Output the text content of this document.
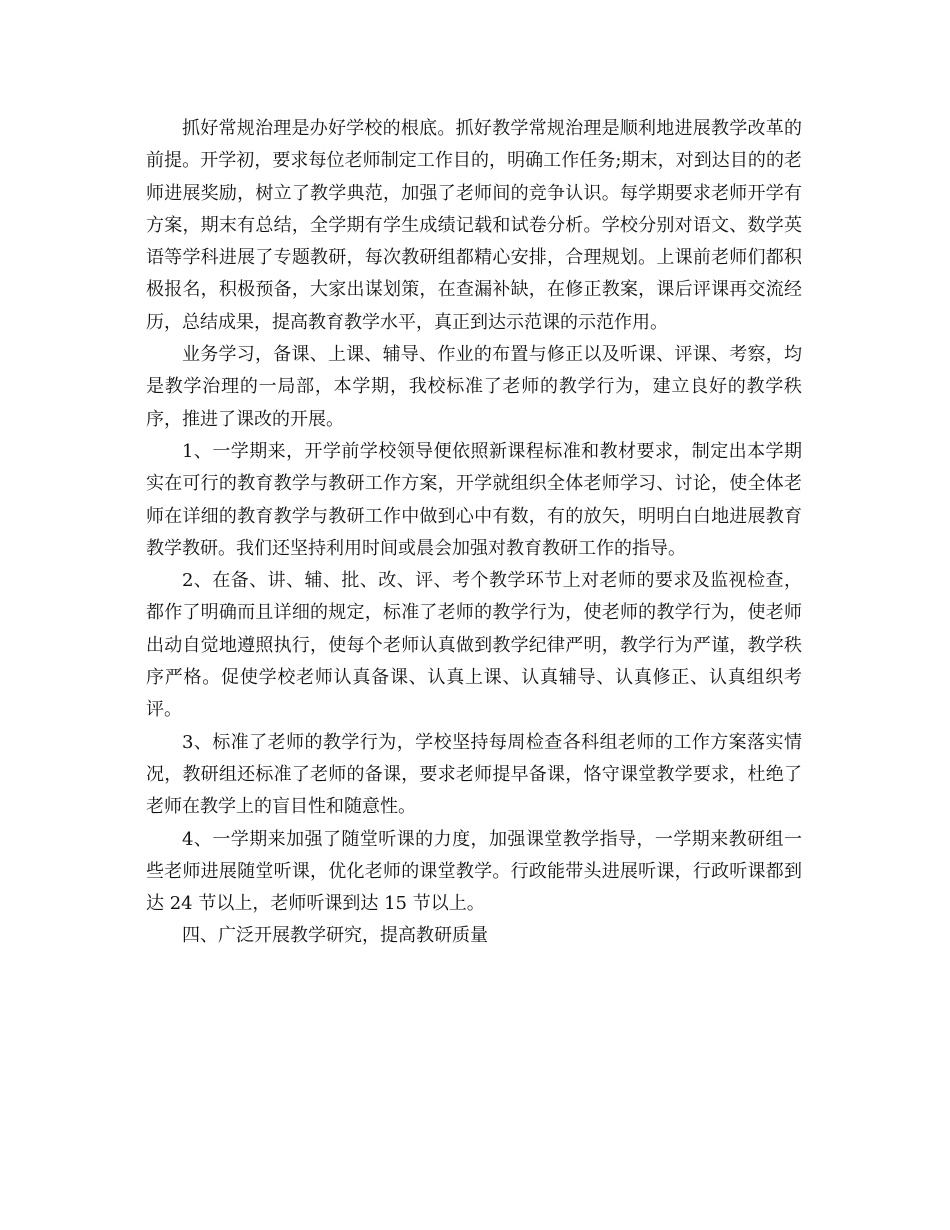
抓好常规治理是办好学校的根底。抓好教学常规治理是顺利地进展教学改革的前提。开学初，要求每位老师制定工作目的，明确工作任务;期末，对到达目的的老师进展奖励，树立了教学典范，加强了老师间的竞争认识。每学期要求老师开学有方案，期末有总结，全学期有学生成绩记载和试卷分析。学校分别对语文、数学英语等学科进展了专题教研，每次教研组都精心安排，合理规划。上课前老师们都积极报名，积极预备，大家出谋划策，在查漏补缺，在修正教案，课后评课再交流经历，总结成果，提高教育教学水平，真正到达示范课的示范作用。

业务学习，备课、上课、辅导、作业的布置与修正以及听课、评课、考察，均是教学治理的一局部，本学期，我校标准了老师的教学行为，建立良好的教学秩序，推进了课改的开展。

1、一学期来，开学前学校领导便依照新课程标准和教材要求，制定出本学期实在可行的教育教学与教研工作方案，开学就组织全体老师学习、讨论，使全体老师在详细的教育教学与教研工作中做到心中有数，有的放矢，明明白白地进展教育教学教研。我们还坚持利用时间或晨会加强对教育教研工作的指导。

2、在备、讲、辅、批、改、评、考个教学环节上对老师的要求及监视检查，都作了明确而且详细的规定，标准了老师的教学行为，使老师的教学行为，使老师出动自觉地遵照执行，使每个老师认真做到教学纪律严明，教学行为严谨，教学秩序严格。促使学校老师认真备课、认真上课、认真辅导、认真修正、认真组织考评。

3、标准了老师的教学行为，学校坚持每周检查各科组老师的工作方案落实情况，教研组还标准了老师的备课，要求老师提早备课，恪守课堂教学要求，杜绝了老师在教学上的盲目性和随意性。

4、一学期来加强了随堂听课的力度，加强课堂教学指导，一学期来教研组一些老师进展随堂听课，优化老师的课堂教学。行政能带头进展听课，行政听课都到达 24 节以上，老师听课到达 15 节以上。

四、广泛开展教学研究，提高教研质量
